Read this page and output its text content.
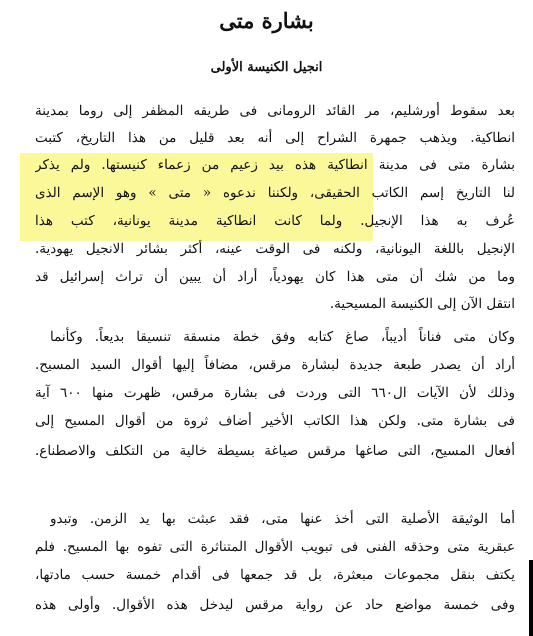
بشارة متى
انجيل الكنيسة الأولى
بعد سقوط أورشليم، مر القائد الرومانى فى طريقه المظفر إلى روما بمدينة
انطاكية. ويذهب جمهرة الشراح إلى أنه بعد قليل من هذا التاريخ، كتبت
بشارة متى فى مدينة انطاكية هذه بيد زعيم من زعماء كنيستها. ولم يذكر
لنا التاريخ إسم الكاتب الحقيقى، ولكننا ندعوه « متى » وهو الإسم الذى
عُرف به هذا الإنجيل. ولما كانت انطاكية مدينة يونانية، كتب هذا
الإنجيل باللغة اليونانية، ولكنه فى الوقت عينه، أكثر بشائر الانجيل يهودية.
وما من شك أن متى هذا كان يهودياً، أراد أن يبين أن تراث إسرائيل قد
انتقل الآن إلى الكنيسة المسيحية.
وكان متى فناناً أديباً، صاغ كتابه وفق خطة منسقة تنسيقا بديعاً. وكأنما
أراد أن يصدر طبعة جديدة لبشارة مرقس، مضافاً إليها أقوال السيد المسيح.
وذلك لأن الآيات ال٦٦٠ التى وردت فى بشارة مرقس، ظهرت منها ٦٠٠ آية
فى بشارة متى. ولكن هذا الكاتب الأخير أضاف ثروة من أقوال المسيح إلى
أفعال المسيح، التى صاغها مرقس صياغة بسيطة خالية من التكلف والاصطناع.
أما الوثيقة الأصلية التى أخذ عنها متى، فقد عبثت بها يد الزمن. وتبدو
عبقرية متى وحذقه الفنى فى تبويب الأقوال المتناثرة التى تفوه بها المسيح. فلم
يكتف بنقل مجموعات مبعثرة، بل قد جمعها فى أقدام خمسة حسب مادتها،
وفى خمسة مواضع حاد عن رواية مرقس ليدخل هذه الأقوال. وأولى هذه
